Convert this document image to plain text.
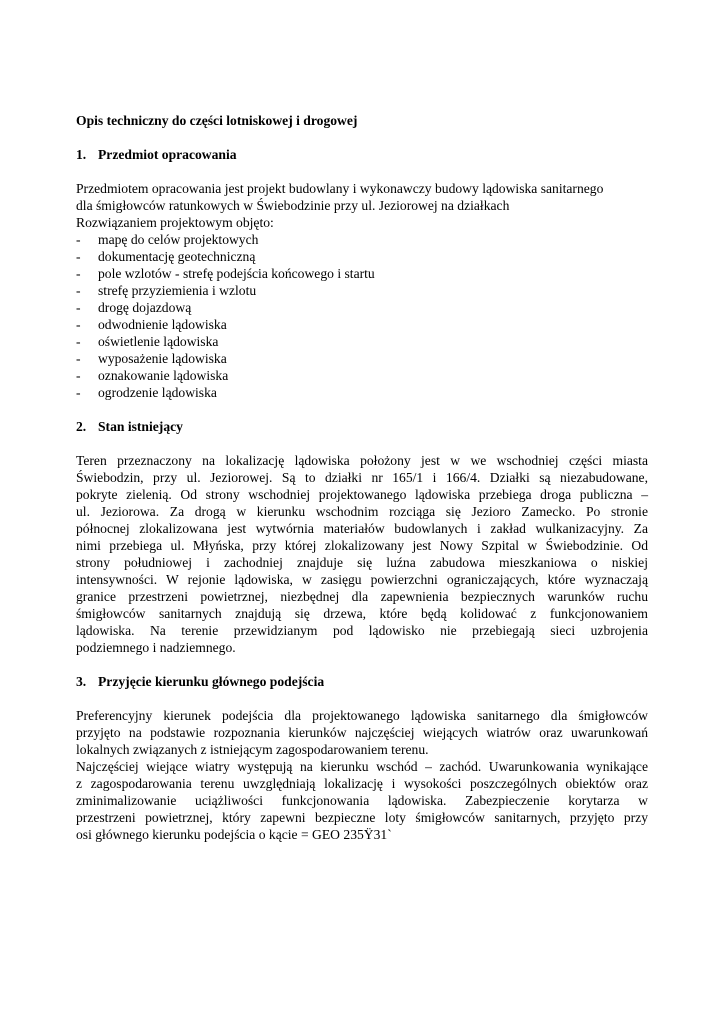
Opis techniczny do części lotniskowej i drogowej

1. Przedmiot opracowania
Przedmiotem opracowania jest projekt budowlany i wykonawczy budowy lądowiska sanitarnego
dla śmigłowców ratunkowych w Świebodzinie przy ul. Jeziorowej na działkach
Rozwiązaniem projektowym objęto:
-	mapę do celów projektowych
-	dokumentację geotechniczną
-	pole wzlotów - strefę podejścia końcowego i startu
-	strefę przyziemienia i wzlotu
-	drogę dojazdową
-	odwodnienie lądowiska
-	oświetlenie lądowiska
-	wyposażenie lądowiska
-	oznakowanie lądowiska
-	ogrodzenie lądowiska
2. Stan istniejący
Teren przeznaczony na lokalizację lądowiska położony jest w we wschodniej części miasta
Świebodzin, przy ul. Jeziorowej. Są to działki nr 165/1 i 166/4. Działki są niezabudowane,
pokryte zielenią. Od strony wschodniej projektowanego lądowiska przebiega droga publiczna –
ul. Jeziorowa. Za drogą w kierunku wschodnim rozciąga się Jezioro Zamecko. Po stronie
północnej zlokalizowana jest wytwórnia materiałów budowlanych i zakład wulkanizacyjny. Za
nimi przebiega ul. Młyńska, przy której zlokalizowany jest Nowy Szpital w Świebodzinie. Od
strony południowej i zachodniej znajduje się luźna zabudowa mieszkaniowa o niskiej
intensywności. W rejonie lądowiska, w zasięgu powierzchni ograniczających, które wyznaczają
granice przestrzeni powietrznej, niezbędnej dla zapewnienia bezpiecznych warunków ruchu
śmigłowców sanitarnych znajdują się drzewa, które będą kolidować z funkcjonowaniem
lądowiska. Na terenie przewidzianym pod lądowisko nie przebiegają sieci uzbrojenia
podziemnego i nadziemnego.
3. Przyjęcie kierunku głównego podejścia
Preferencyjny kierunek podejścia dla projektowanego lądowiska sanitarnego dla śmigłowców
przyjęto na podstawie rozpoznania kierunków najczęściej wiejących wiatrów oraz uwarunkowań
lokalnych związanych z istniejącym zagospodarowaniem terenu.
Najczęściej wiejące wiatry występują na kierunku wschód – zachód. Uwarunkowania wynikające
z zagospodarowania terenu uwzględniają lokalizację i wysokości poszczególnych obiektów oraz
zminimalizowanie uciążliwości funkcjonowania lądowiska. Zabezpieczenie korytarza w
przestrzeni powietrznej, który zapewni bezpieczne loty śmigłowców sanitarnych, przyjęto przy
osi głównego kierunku podejścia o kącie = GEO 235Ÿ31`
